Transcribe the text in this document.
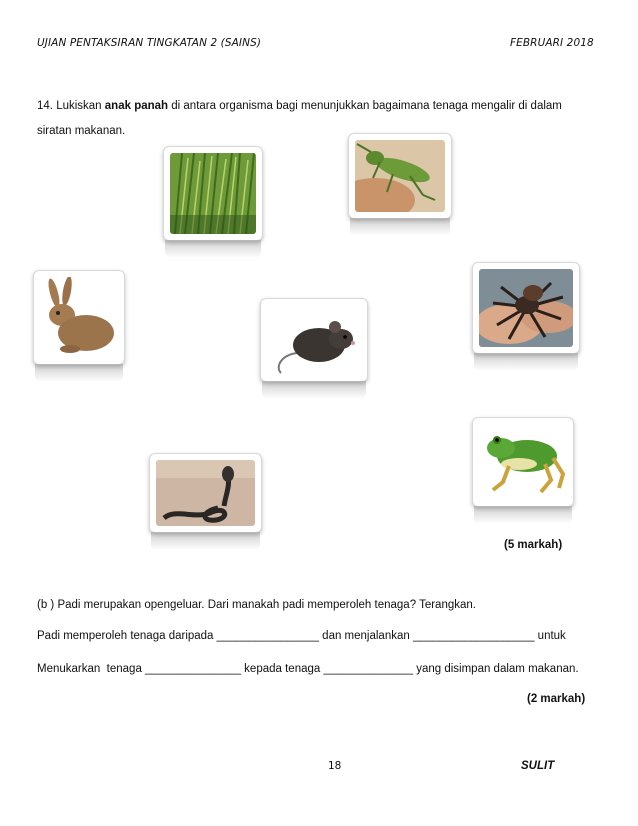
UJIAN PENTAKSIRAN TINGKATAN 2 (SAINS)	FEBRUARI 2018
14. Lukiskan anak panah di antara organisma bagi menunjukkan bagaimana tenaga mengalir di dalam siratan makanan.
(5 markah)
(b ) Padi merupakan opengeluar. Dari manakah padi memperoleh tenaga? Terangkan.
Padi memperoleh tenaga daripada ________________ dan menjalankan ___________________ untuk
Menukarkan  tenaga _______________ kepada tenaga ______________ yang disimpan dalam makanan.
(2 markah)
18	SULIT
